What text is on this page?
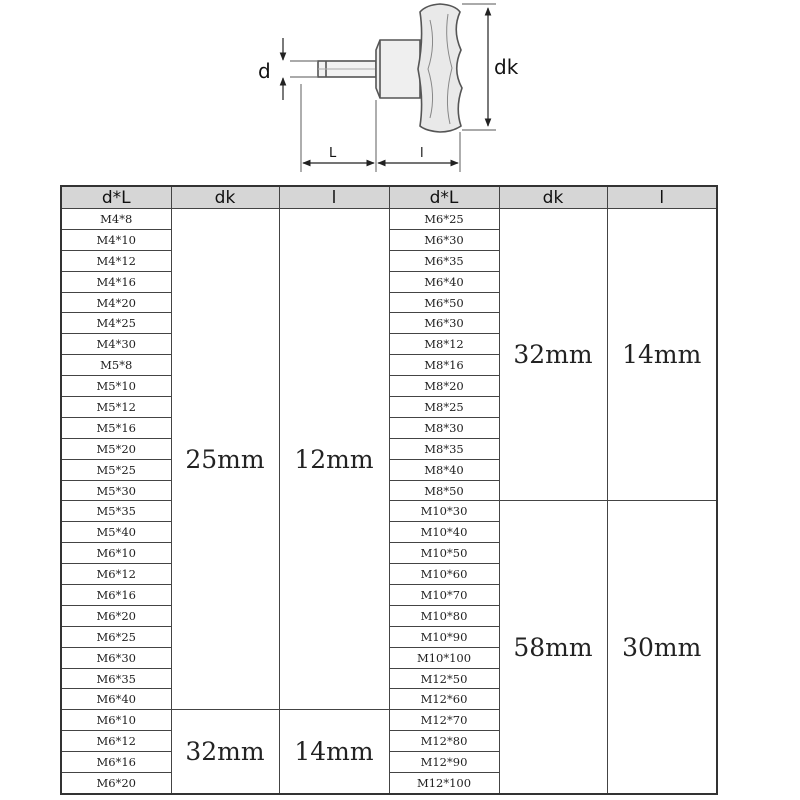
d	dk
L	l
d*L	dk	l	d*L	dk	l
M4*8	25mm	12mm	M6*25	32mm	14mm
M4*10			M6*30		
M4*12			M6*35		
M4*16			M6*40		
M4*20			M6*50		
M4*25			M6*30		
M4*30			M8*12		
M5*8			M8*16		
M5*10			M8*20		
M5*12			M8*25		
M5*16			M8*30		
M5*20			M8*35		
M5*25			M8*40		
M5*30			M8*50		
M5*35			M10*30	58mm	30mm
M5*40			M10*40		
M6*10			M10*50		
M6*12			M10*60		
M6*16			M10*70		
M6*20			M10*80		
M6*25			M10*90		
M6*30			M10*100		
M6*35			M12*50		
M6*40			M12*60		
M6*10	32mm	14mm	M12*70		
M6*12			M12*80		
M6*16			M12*90		
M6*20			M12*100		
